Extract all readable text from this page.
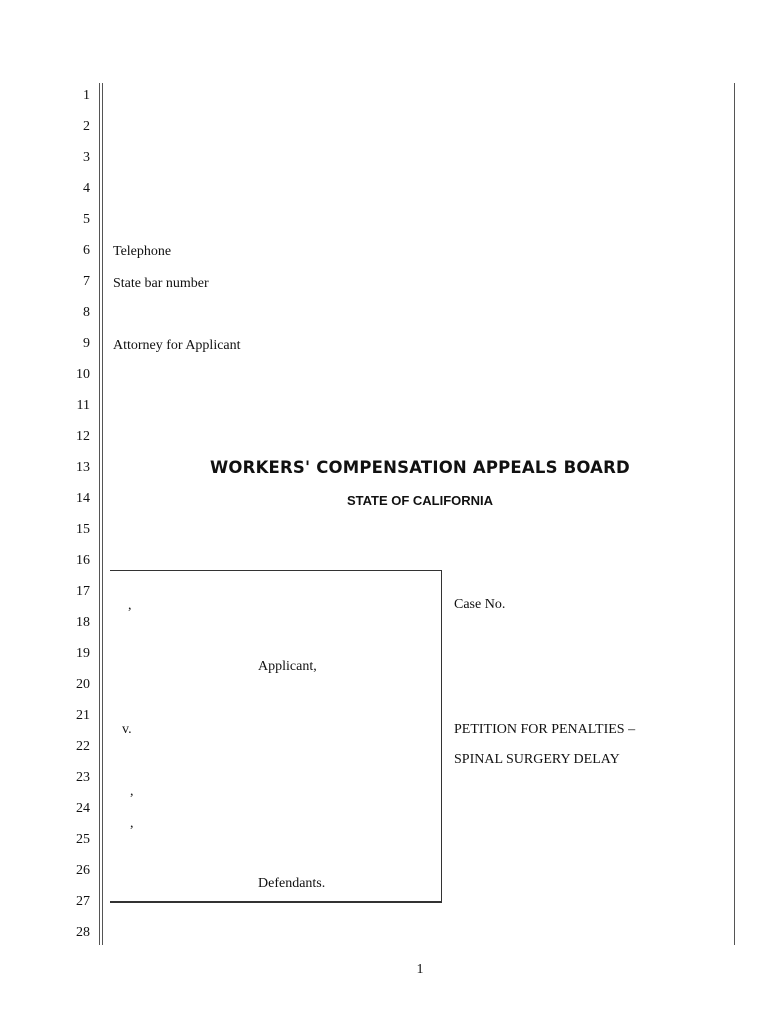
1
2
3
4
5
6
7
8
9
10
11
12
13
14
15
16
17
18
19
20
21
22
23
24
25
26
27
28
Telephone
State bar number
Attorney for Applicant
WORKERS' COMPENSATION APPEALS BOARD
STATE OF CALIFORNIA
,
Applicant,
v.
,
,
Defendants.
Case No.
PETITION FOR PENALTIES –
SPINAL SURGERY DELAY
1
